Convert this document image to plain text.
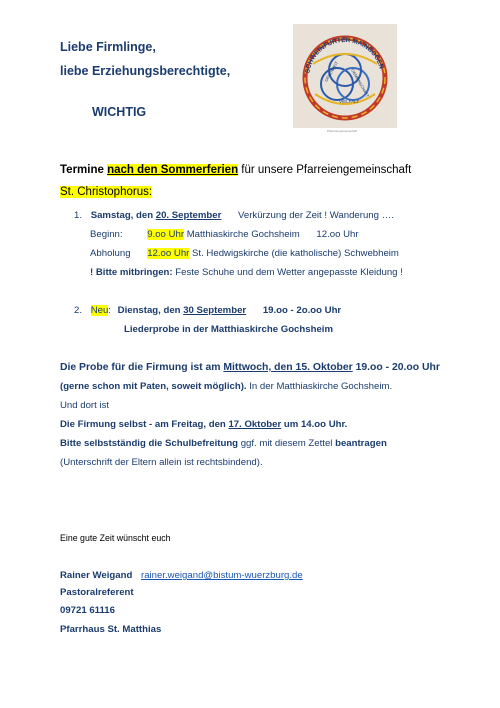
Liebe Firmlinge,
liebe Erziehungsberechtigte,
WICHTIG
SCHWEINFURTER MAINBOGEN
OFFENHEIT	GEMEINSCHAFT
VIELFALT
Pfarreiengemeinschaft
Termine nach den Sommerferien für unsere Pfarreiengemeinschaft
St. Christophorus:
1. Samstag, den 20. September Verkürzung der Zeit ! Wanderung ….
Beginn:	9.oo Uhr Matthiaskirche Gochsheim 12.oo Uhr
Abholung 12.oo Uhr St. Hedwigskirche (die katholische) Schwebheim
! Bitte mitbringen: Feste Schuhe und dem Wetter angepasste Kleidung !
2. Neu: Dienstag, den 30 September 19.oo - 2o.oo Uhr
Liederprobe in der Matthiaskirche Gochsheim
Die Probe für die Firmung ist am Mittwoch, den 15. Oktober 19.oo - 20.oo Uhr
(gerne schon mit Paten, soweit möglich). In der Matthiaskirche Gochsheim.
Und dort ist
Die Firmung selbst - am Freitag, den 17. Oktober um 14.oo Uhr.
Bitte selbstständig die Schulbefreitung ggf. mit diesem Zettel beantragen
(Unterschrift der Eltern allein ist rechtsbindend).
Eine gute Zeit wünscht euch
Rainer Weigand rainer.weigand@bistum-wuerzburg.de
Pastoralreferent
09721 61116
Pfarrhaus St. Matthias
